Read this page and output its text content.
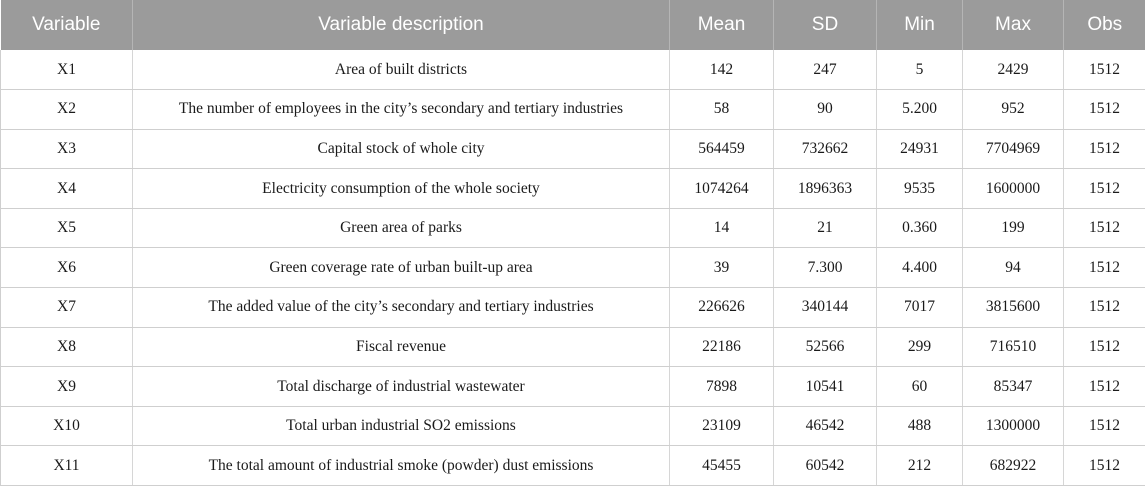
Variable	Variable description	Mean	SD	Min	Max	Obs
X1	Area of built districts	142	247	5	2429	1512
X2	The number of employees in the city’s secondary and tertiary industries	58	90	5.200	952	1512
X3	Capital stock of whole city	564459	732662	24931	7704969	1512
X4	Electricity consumption of the whole society	1074264	1896363	9535	1600000	1512
X5	Green area of parks	14	21	0.360	199	1512
X6	Green coverage rate of urban built-up area	39	7.300	4.400	94	1512
X7	The added value of the city’s secondary and tertiary industries	226626	340144	7017	3815600	1512
X8	Fiscal revenue	22186	52566	299	716510	1512
X9	Total discharge of industrial wastewater	7898	10541	60	85347	1512
X10	Total urban industrial SO2 emissions	23109	46542	488	1300000	1512
X11	The total amount of industrial smoke (powder) dust emissions	45455	60542	212	682922	1512
